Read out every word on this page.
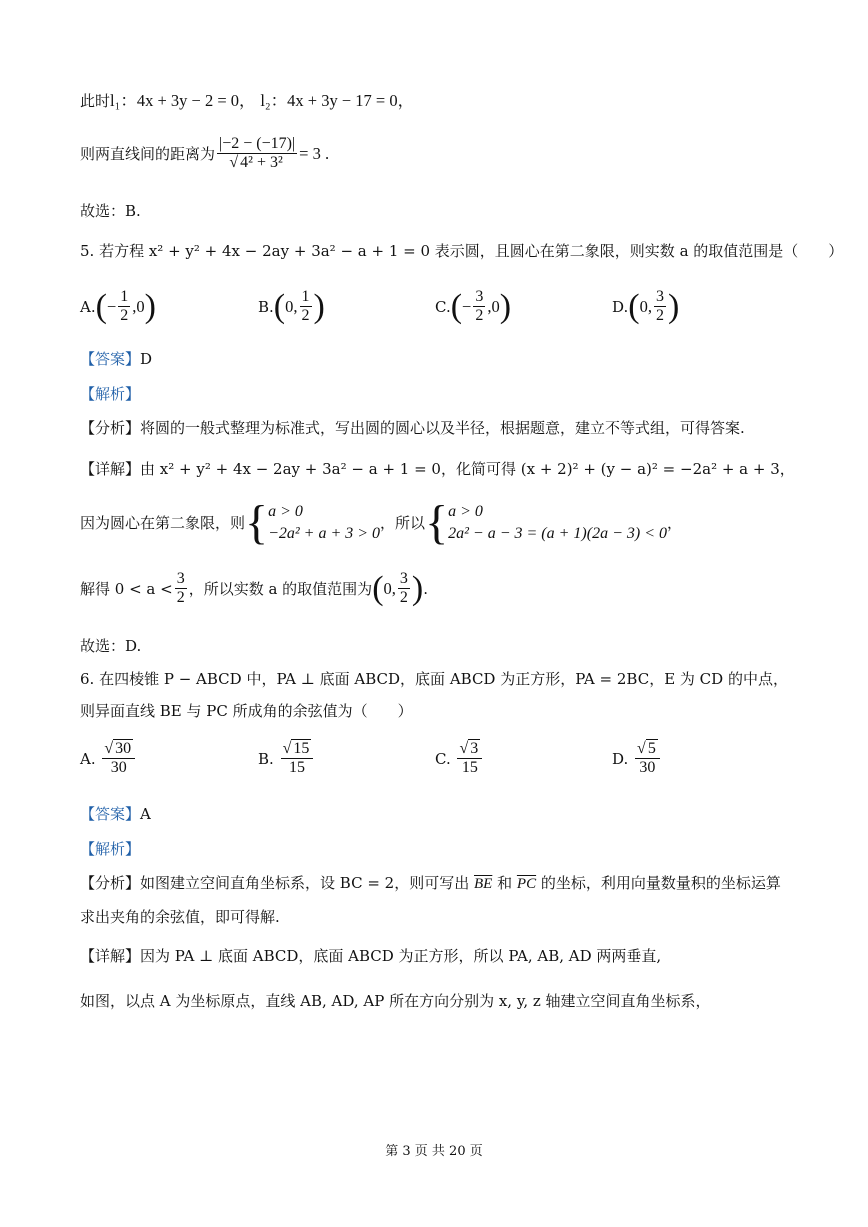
此时l₁：4x + 3y − 2 = 0， l₂：4x + 3y − 17 = 0，
则两直线间的距离为 $\frac{|-2 - (-17)|}{\text{√ 4² + 3²}} = 3$ .
故选：B.
5. 若方程 x² + y² + 4x − 2ay + 3a² − a + 1 = 0 表示圆，且圆心在第二象限，则实数 a 的取值范围是（　　）
A. ( − $\frac{1}{2}$ , 0 )	B. ( 0 , $\frac{1}{2}$ )	C. ( − $\frac{3}{2}$ , 0 )	D. ( 0 , $\frac{3}{2}$ )
【答案】D
【解析】
【分析】将圆的一般式整理为标准式，写出圆的圆心以及半径，根据题意，建立不等式组，可得答案.
【详解】由 x² + y² + 4x − 2ay + 3a² − a + 1 = 0，化简可得 (x + 2)² + (y − a)² = −2a² + a + 3，
因为圆心在第二象限，则 { a > 0
−2a² + a + 3 > 0
，所以 { a > 0
2a² − a − 3 = (a + 1)(2a − 3) < 0
，
解得 $0 < a < \frac{3}{2}$ ，所以实数 a 的取值范围为 ( 0 , $\frac{3}{2}$ ) .
故选：D.
6. 在四棱锥 P − ABCD 中，PA ⊥ 底面 ABCD，底面 ABCD 为正方形，PA = 2BC，E 为 CD 的中点，
则异面直线 BE 与 PC 所成角的余弦值为（　　）
A. $\frac{√ 30}{30}$	B. $\frac{√ 15}{15}$	C. $\frac{√ 3}{15}$	D. $\frac{√ 5}{30}$
【答案】A
【解析】
【分析】如图建立空间直角坐标系，设 BC = 2，则可写出 $\overline{BE}$ 和 $\overline{PC}$ 的坐标，利用向量数量积的坐标运算
求出夹角的余弦值，即可得解.
【详解】因为 PA ⊥ 底面 ABCD，底面 ABCD 为正方形，所以 PA, AB, AD 两两垂直,
如图，以点 A 为坐标原点，直线 AB, AD, AP 所在方向分别为 x, y, z 轴建立空间直角坐标系，
第 3 页 共 20 页
